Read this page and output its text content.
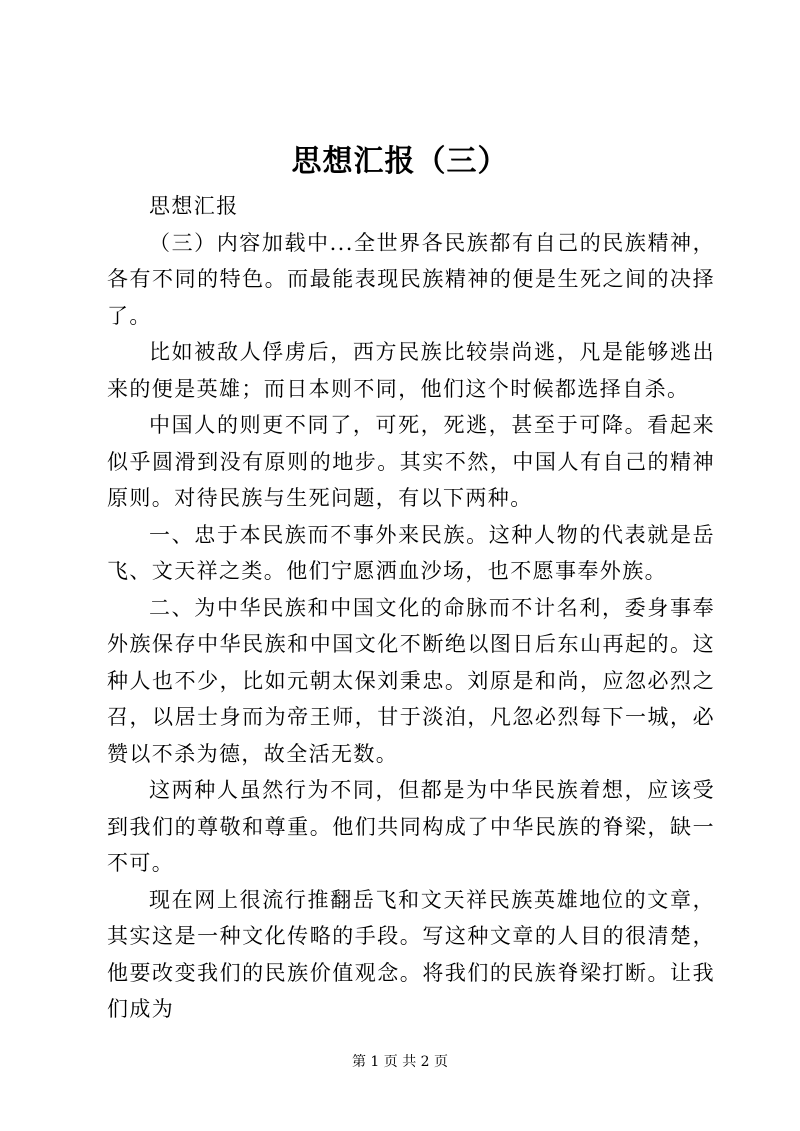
思想汇报（三）

思想汇报

（三）内容加载中...全世界各民族都有自己的民族精神，各有不同的特色。而最能表现民族精神的便是生死之间的决择了。

比如被敌人俘虏后，西方民族比较崇尚逃，凡是能够逃出来的便是英雄；而日本则不同，他们这个时候都选择自杀。

中国人的则更不同了，可死，死逃，甚至于可降。看起来似乎圆滑到没有原则的地步。其实不然，中国人有自己的精神原则。对待民族与生死问题，有以下两种。

一、忠于本民族而不事外来民族。这种人物的代表就是岳飞、文天祥之类。他们宁愿洒血沙场，也不愿事奉外族。

二、为中华民族和中国文化的命脉而不计名利，委身事奉外族保存中华民族和中国文化不断绝以图日后东山再起的。这种人也不少，比如元朝太保刘秉忠。刘原是和尚，应忽必烈之召，以居士身而为帝王师，甘于淡泊，凡忽必烈每下一城，必赞以不杀为德，故全活无数。

这两种人虽然行为不同，但都是为中华民族着想，应该受到我们的尊敬和尊重。他们共同构成了中华民族的脊梁，缺一不可。

现在网上很流行推翻岳飞和文天祥民族英雄地位的文章，其实这是一种文化传略的手段。写这种文章的人目的很清楚，他要改变我们的民族价值观念。将我们的民族脊梁打断。让我们成为

第 1 页 共 2 页
